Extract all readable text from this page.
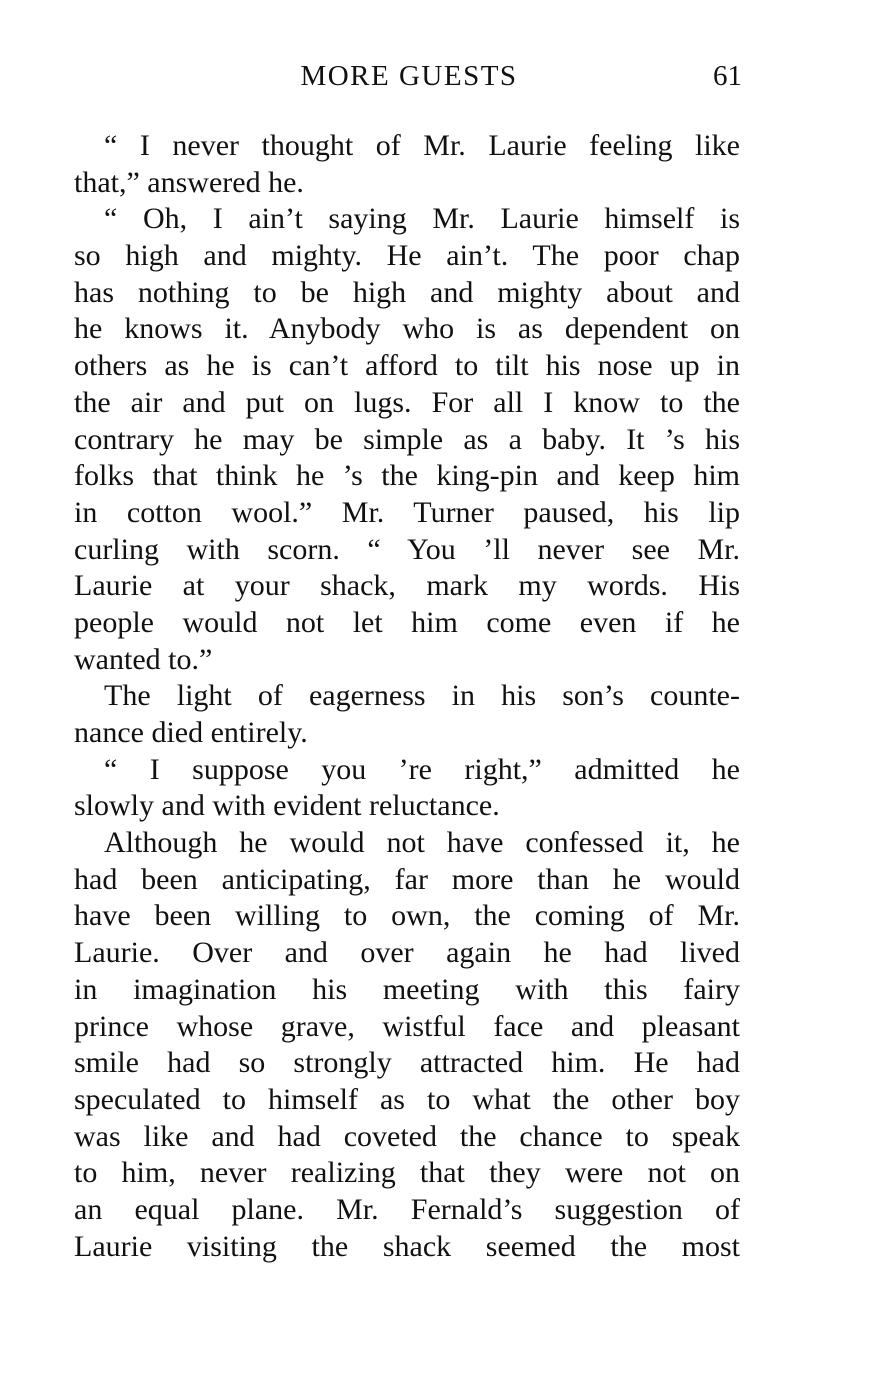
MORE GUESTS	61
“ I never thought of Mr. Laurie feeling like
that,” answered he.
“ Oh, I ain’t saying Mr. Laurie himself is
so high and mighty. He ain’t. The poor chap
has nothing to be high and mighty about and
he knows it. Anybody who is as dependent on
others as he is can’t afford to tilt his nose up in
the air and put on lugs. For all I know to the
contrary he may be simple as a baby. It ’s his
folks that think he ’s the king-pin and keep him
in cotton wool.” Mr. Turner paused, his lip
curling with scorn. “ You ’ll never see Mr.
Laurie at your shack, mark my words. His
people would not let him come even if he
wanted to.”
The light of eagerness in his son’s counte-
nance died entirely.
“ I suppose you ’re right,” admitted he
slowly and with evident reluctance.
Although he would not have confessed it, he
had been anticipating, far more than he would
have been willing to own, the coming of Mr.
Laurie. Over and over again he had lived
in imagination his meeting with this fairy
prince whose grave, wistful face and pleasant
smile had so strongly attracted him. He had
speculated to himself as to what the other boy
was like and had coveted the chance to speak
to him, never realizing that they were not on
an equal plane. Mr. Fernald’s suggestion of
Laurie visiting the shack seemed the most
